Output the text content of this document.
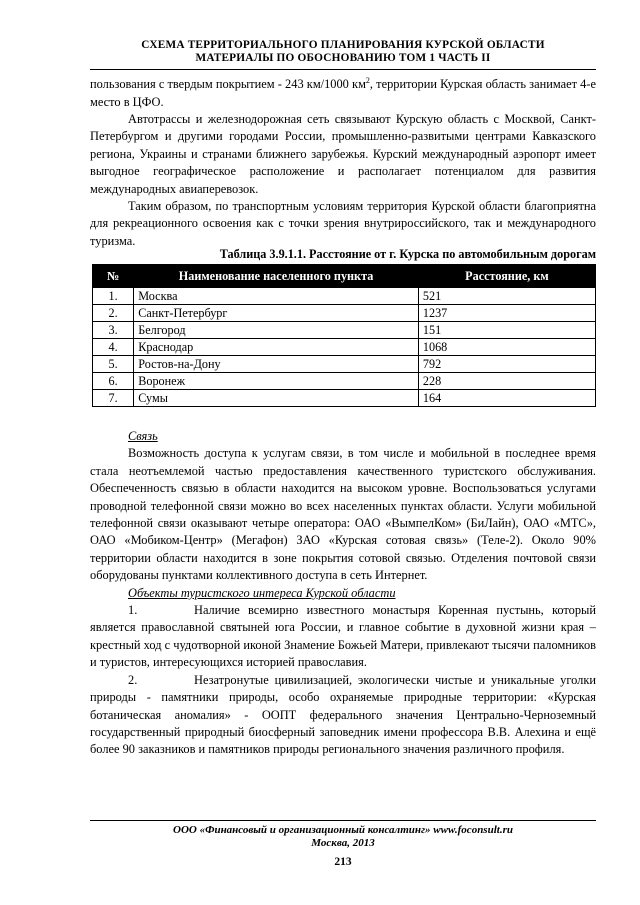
СХЕМА ТЕРРИТОРИАЛЬНОГО ПЛАНИРОВАНИЯ КУРСКОЙ ОБЛАСТИ
МАТЕРИАЛЫ ПО ОБОСНОВАНИЮ ТОМ 1 ЧАСТЬ II

пользования с твердым покрытием - 243 км/1000 $км^2$, территории Курская область занимает 4-е место в ЦФО.

Автотрассы и железнодорожная сеть связывают Курскую область с Москвой, Санкт-Петербургом и другими городами России, промышленно-развитыми центрами Кавказского региона, Украины и странами ближнего зарубежья. Курский международный аэропорт имеет выгодное географическое расположение и располагает потенциалом для развития международных авиаперевозок.

Таким образом, по транспортным условиям территория Курской области благоприятна для рекреационного освоения как с точки зрения внутрироссийского, так и международного туризма.

Таблица 3.9.1.1. Расстояние от г. Курска по автомобильным дорогам
№	Наименование населенного пункта	Расстояние, км
1.	Москва	521
2.	Санкт-Петербург	1237
3.	Белгород	151
4.	Краснодар	1068
5.	Ростов-на-Дону	792
6.	Воронеж	228
7.	Сумы	164

Связь

Возможность доступа к услугам связи, в том числе и мобильной в последнее время стала неотъемлемой частью предоставления качественного туристского обслуживания. Обеспеченность связью в области находится на высоком уровне. Воспользоваться услугами проводной телефонной связи можно во всех населенных пунктах области. Услуги мобильной телефонной связи оказывают четыре оператора: ОАО «ВымпелКом» (БиЛайн), ОАО «МТС», ОАО «Мобиком-Центр» (Мегафон) ЗАО «Курская сотовая связь» (Теле-2). Около 90% территории области находится в зоне покрытия сотовой связью. Отделения почтовой связи оборудованы пунктами коллективного доступа в сеть Интернет.

Объекты туристского интереса Курской области

1.	Наличие всемирно известного монастыря Коренная пустынь, который является православной святыней юга России, и главное событие в духовной жизни края – крестный ход с чудотворной иконой Знамение Божьей Матери, привлекают тысячи паломников и туристов, интересующихся историей православия.

2.	Незатронутые цивилизацией, экологически чистые и уникальные уголки природы - памятники природы, особо охраняемые природные территории: «Курская ботаническая аномалия» - ООПТ федерального значения Центрально-Черноземный государственный природный биосферный заповедник имени профессора В.В. Алехина и ещё более 90 заказников и памятников природы регионального значения различного профиля.

ООО «Финансовый и организационный консалтинг» www.foconsult.ru
Москва, 2013
213
